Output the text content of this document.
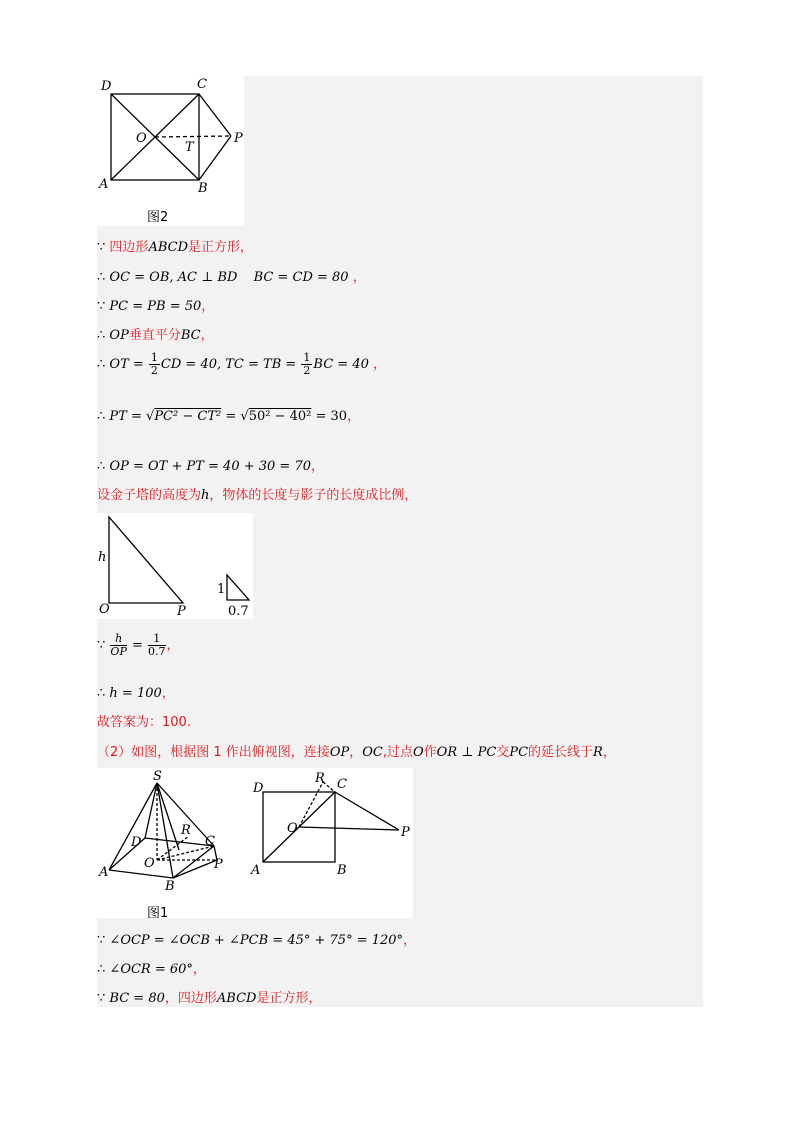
D	C
O
T
P
A	B
图2
∵ 四边形ABCD是正方形，
∴ OC = OB, AC ⊥ BD BC = CD = 80 ，
∵ PC = PB = 50，
∴ OP垂直平分BC，
∴ OT = $\frac{1}{2}$ CD = 40, TC = TB = $\frac{1}{2}$ BC = 40 ，
∴ PT = √PC² − CT² = √50² − 40² = 30，
∴ OP = OT + PT = 40 + 30 = 70，
设金子塔的高度为h，物体的长度与影子的长度成比例，
h
O	P
1
0.7
∵ $\frac{h}{OP} = \frac{1}{0.7}$ ，
∴ h = 100，
故答案为：100.
（2）如图，根据图 1 作出俯视图，连接OP，OC,过点O作OR ⊥ PC交PC的延长线于R，
S
D	C
R
O	P
A
B
R
D	C
O	P
A	B
图1
∵ ∠OCP = ∠OCB + ∠PCB = 45° + 75° = 120°，
∴ ∠OCR = 60°，
∵ BC = 80，四边形ABCD是正方形，
